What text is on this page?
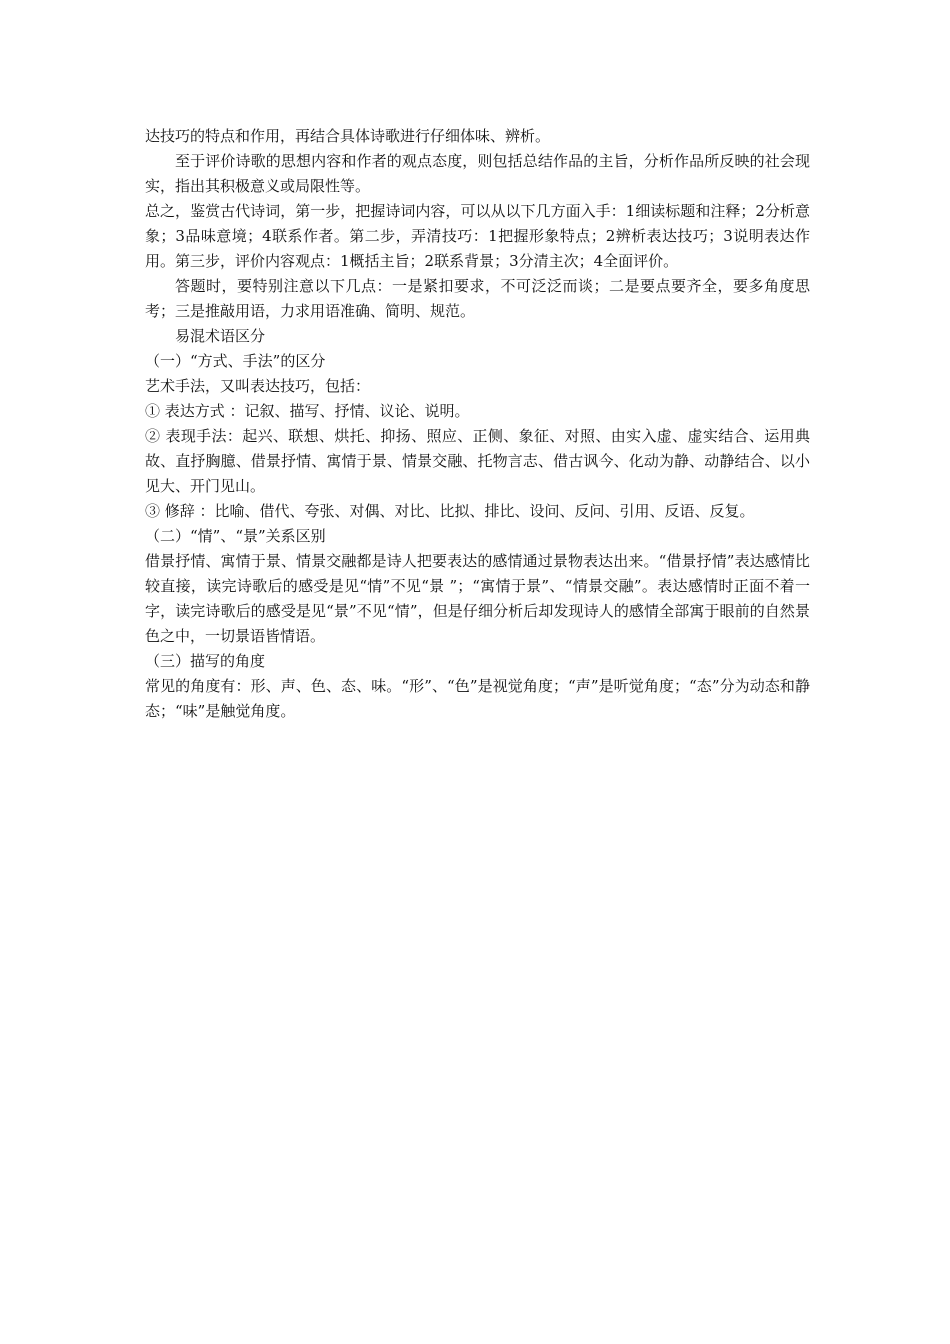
达技巧的特点和作用，再结合具体诗歌进行仔细体味、辨析。

至于评价诗歌的思想内容和作者的观点态度，则包括总结作品的主旨，分析作品所反映的社会现实，指出其积极意义或局限性等。

总之，鉴赏古代诗词，第一步，把握诗词内容，可以从以下几方面入手：1细读标题和注释；2分析意象；3品味意境；4联系作者。第二步，弄清技巧：1把握形象特点；2辨析表达技巧；3说明表达作用。第三步，评价内容观点：1概括主旨；2联系背景；3分清主次；4全面评价。

答题时，要特别注意以下几点：一是紧扣要求，不可泛泛而谈；二是要点要齐全，要多角度思考；三是推敲用语，力求用语准确、简明、规范。

易混术语区分

（一）“方式、手法”的区分

艺术手法，又叫表达技巧，包括：

① 表达方式 ：记叙、描写、抒情、议论、说明。

② 表现手法：起兴、联想、烘托、抑扬、照应、正侧、象征、对照、由实入虚、虚实结合、运用典故、直抒胸臆、借景抒情、寓情于景、情景交融、托物言志、借古讽今、化动为静、动静结合、以小见大、开门见山。

③ 修辞 ：比喻、借代、夸张、对偶、对比、比拟、排比、设问、反问、引用、反语、反复。

（二）“情”、“景”关系区别

借景抒情、寓情于景、情景交融都是诗人把要表达的感情通过景物表达出来。“借景抒情”表达感情比较直接，读完诗歌后的感受是见“情”不见“景 ”；“寓情于景”、“情景交融”。表达感情时正面不着一字，读完诗歌后的感受是见“景”不见“情”，但是仔细分析后却发现诗人的感情全部寓于眼前的自然景色之中，一切景语皆情语。

（三）描写的角度

常见的角度有：形、声、色、态、味。“形”、“色”是视觉角度；“声”是听觉角度；“态”分为动态和静态；“味”是触觉角度。
